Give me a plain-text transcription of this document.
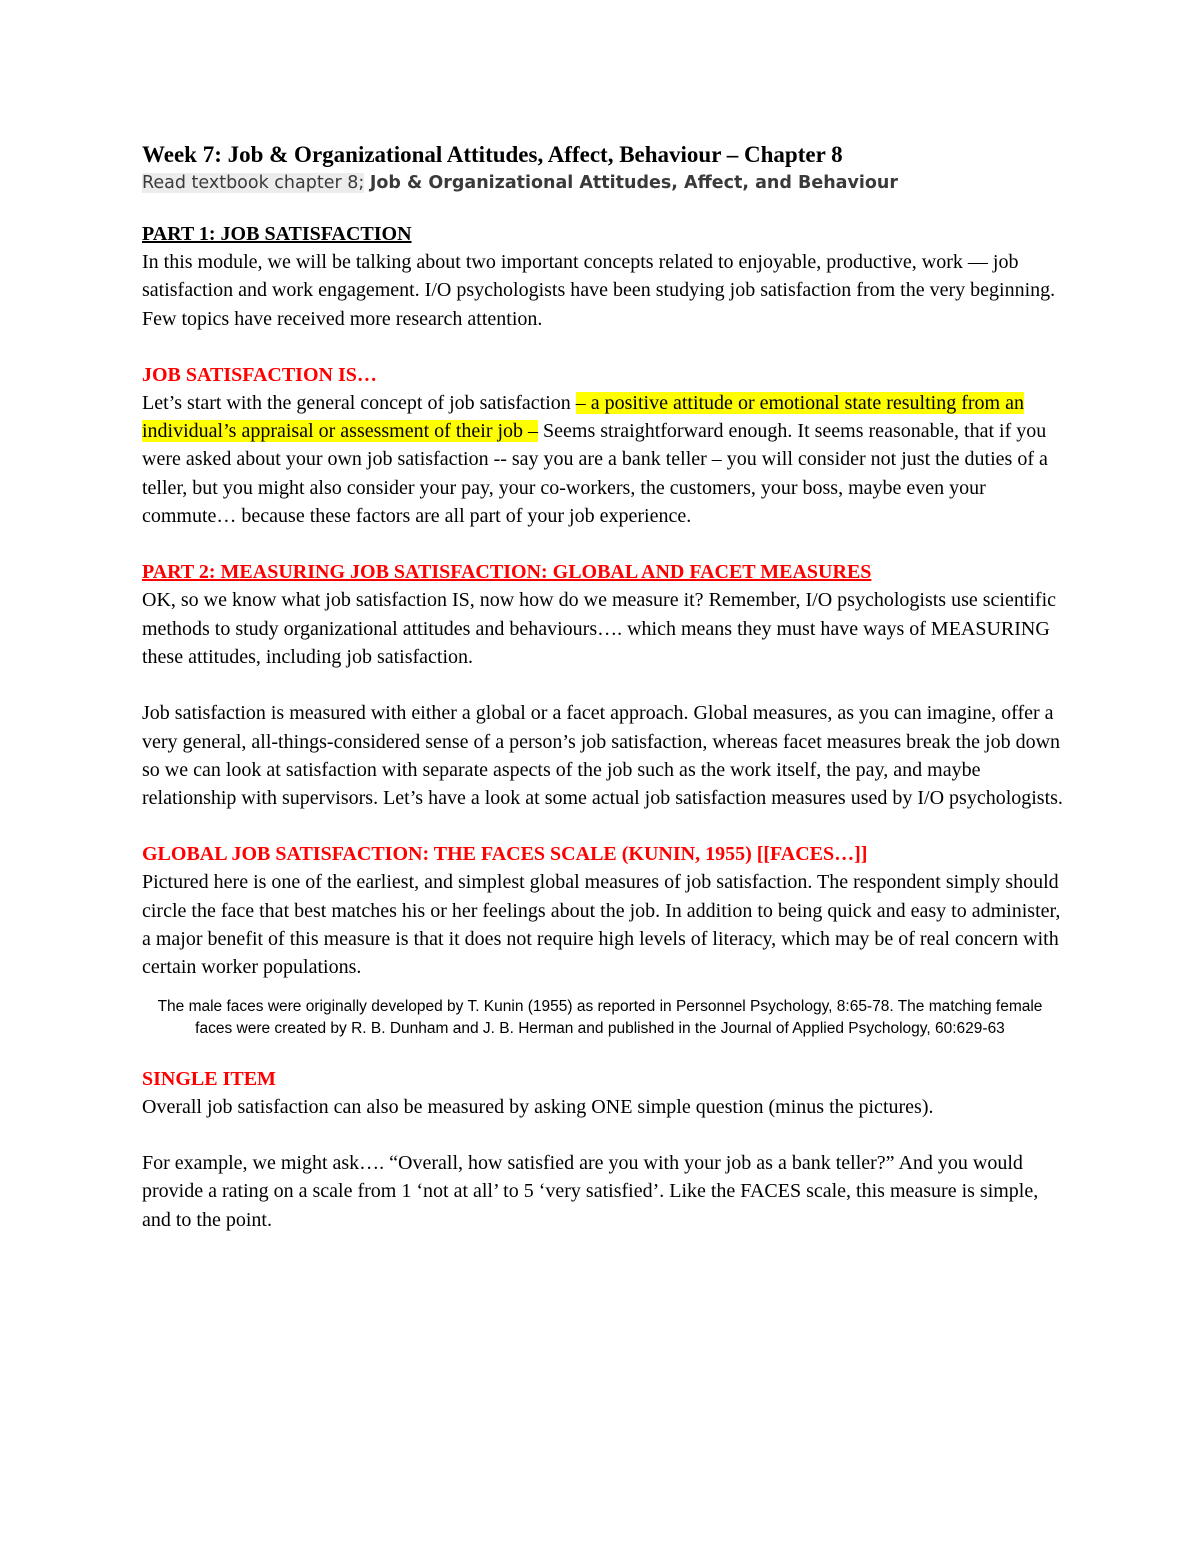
Week 7: Job & Organizational Attitudes, Affect, Behaviour – Chapter 8

Read textbook chapter 8; Job & Organizational Attitudes, Affect, and Behaviour

PART 1: JOB SATISFACTION

In this module, we will be talking about two important concepts related to enjoyable, productive, work — job satisfaction and work engagement. I/O psychologists have been studying job satisfaction from the very beginning. Few topics have received more research attention.

JOB SATISFACTION IS…

Let’s start with the general concept of job satisfaction – a positive attitude or emotional state resulting from an individual’s appraisal or assessment of their job – Seems straightforward enough. It seems reasonable, that if you were asked about your own job satisfaction -- say you are a bank teller – you will consider not just the duties of a teller, but you might also consider your pay, your co-workers, the customers, your boss, maybe even your commute… because these factors are all part of your job experience.

PART 2: MEASURING JOB SATISFACTION: GLOBAL AND FACET MEASURES

OK, so we know what job satisfaction IS, now how do we measure it? Remember, I/O psychologists use scientific methods to study organizational attitudes and behaviours…. which means they must have ways of MEASURING these attitudes, including job satisfaction.

Job satisfaction is measured with either a global or a facet approach. Global measures, as you can imagine, offer a very general, all-things-considered sense of a person’s job satisfaction, whereas facet measures break the job down so we can look at satisfaction with separate aspects of the job such as the work itself, the pay, and maybe relationship with supervisors. Let’s have a look at some actual job satisfaction measures used by I/O psychologists.

GLOBAL JOB SATISFACTION: THE FACES SCALE (KUNIN, 1955) [[FACES…]]

Pictured here is one of the earliest, and simplest global measures of job satisfaction. The respondent simply should circle the face that best matches his or her feelings about the job. In addition to being quick and easy to administer, a major benefit of this measure is that it does not require high levels of literacy, which may be of real concern with certain worker populations.

The male faces were originally developed by T. Kunin (1955) as reported in Personnel Psychology, 8:65-78. The matching female faces were created by R. B. Dunham and J. B. Herman and published in the Journal of Applied Psychology, 60:629-63

SINGLE ITEM

Overall job satisfaction can also be measured by asking ONE simple question (minus the pictures).

For example, we might ask…. “Overall, how satisfied are you with your job as a bank teller?” And you would provide a rating on a scale from 1 ‘not at all’ to 5 ‘very satisfied’. Like the FACES scale, this measure is simple, and to the point.
